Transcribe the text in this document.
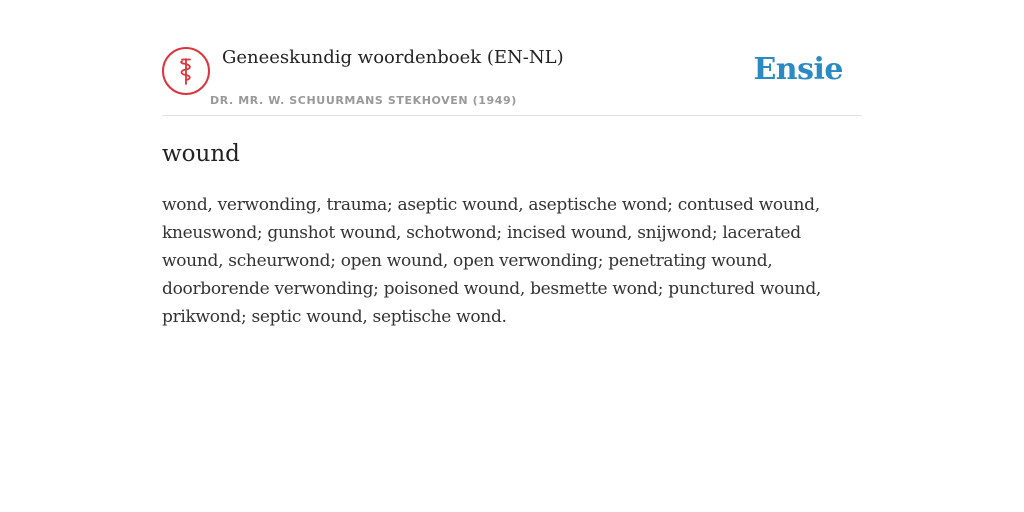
Geneeskundig woordenboek (EN-NL)
DR. MR. W. SCHUURMANS STEKHOVEN (1949)
Ensie
wound

wond, verwonding, trauma; aseptic wound, aseptische wond; contused wound, kneuswond; gunshot wound, schotwond; incised wound, snijwond; lacerated wound, scheurwond; open wound, open verwonding; penetrating wound, doorborende verwonding; poisoned wound, besmette wond; punctured wound, prikwond; septic wound, septische wond.
